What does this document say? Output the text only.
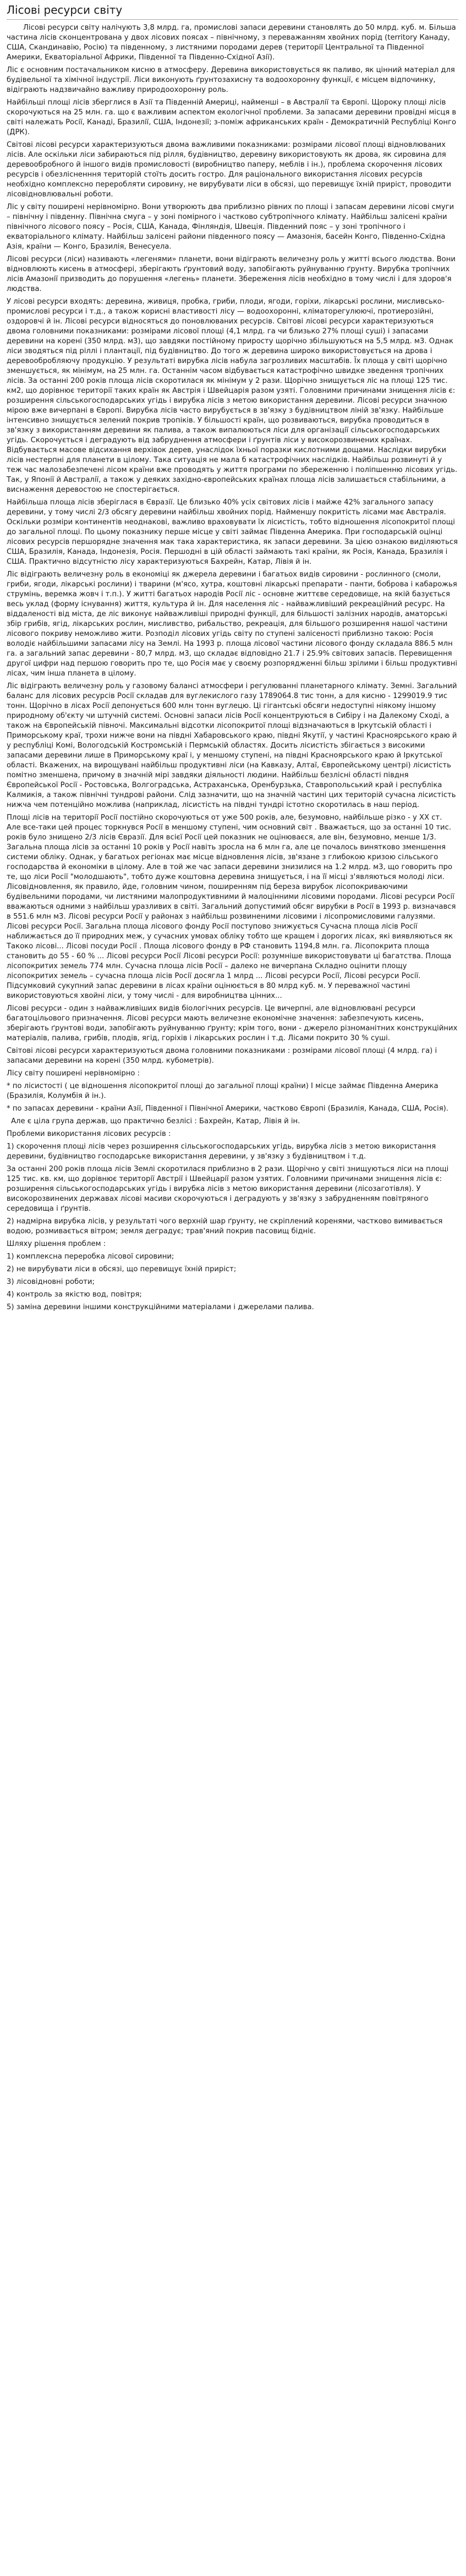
Лісові ресурси світу

Лісові ресурси світу налічують 3,8 млрд. га, промислові запаси деревини становлять до 50 млрд. куб. м. Більша частина лісів сконцентрована у двох лісових поясах – північному, з переважанням хвойних порід (territory Канаду, США, Скандинавію, Росію) та південному, з листяними породами дерев (території Центральної та Південної Америки, Екваторіальної Африки, Південної та Південно-Східної Азії).

Ліс є основним постачальником кисню в атмосферу. Деревина використовується як паливо, як цінний матеріал для будівельної та хімічної індустрії. Ліси виконують ґрунтозахисну та водоохоронну функції, є місцем відпочинку, відіграють надзвичайно важливу природоохоронну роль.

Найбільші площі лісів зберглися в Азії та Південній Америці, найменші – в Австралії та Європі. Щороку площі лісів скорочуються на 25 млн. га. що є важливим аспектом екологічної проблеми. За запасами деревини провідні місця в світі належать Росії, Канаді, Бразилії, США, Індонезії; з-поміж африканських країн - Демократичній Республіці Конго (ДРК).

Світові лісові ресурси характеризуються двома важливими показниками: розмірами лісової площі відновлюваних лісів. Але оскільки ліси забираються під рілля, будівництво, деревину використовують як дрова, як сировина для деревообробного й іншого видів промисловості (виробництво паперу, меблів і ін.), проблема скорочення лісових ресурсів і обезлісненння територій стоїть досить гостро. Для раціонального використання лісових ресурсів необхідно комплексно переробляти сировину, не вирубувати ліси в обсязі, що перевищує їхній приріст, проводити лісовідновлювальні роботи.

Ліс у світу поширені нерівномірно. Вони утворюють два приблизно рівних по площі і запасам деревини лісові смуги – північну і південну. Північна смуга – у зоні помірного і частково субтропічного клімату. Найбільш залісені країни північного лісового поясу – Росія, США, Канада, Фінляндія, Швеція. Південний пояс – у зоні тропічного і екваторіального клімату. Найбільш залісені райони південного поясу — Амазонія, басейн Конго, Південно-Східна Азія, країни — Конго, Бразилія, Венесуела.

Лісові ресурси (ліси) називають «легенями» планети, вони відіграють величезну роль у житті всього людства. Вони відновлюють кисень в атмосфері, зберігають ґрунтовий воду, запобігають руйнуванню ґрунту. Вирубка тропічних лісів Амазонії призводить до порушення «легень» планети. Збереження лісів необхідно в тому числі і для здоров'я людства.

У лісові ресурси входять: деревина, живиця, пробка, гриби, плоди, ягоди, горіхи, лікарські рослини, мисливсько-промислові ресурси і т.д., а також корисні властивості лісу — водоохоронні, кліматорегулюючі, протиерозійні, оздоровчі й ін. Лісові ресурси відносяться до поновлюваних ресурсів. Світові лісові ресурси характеризуються двома головними показниками: розмірами лісової площі (4,1 млрд. га чи близько 27% площі суші) і запасами деревини на корені (350 млрд. м3), що завдяки постійному приросту щорічно збільшуються на 5,5 млрд. м3. Однак ліси зводяться під ріллі і плантації, під будівництво. До того ж деревина широко використовується на дрова і деревообробляючу продукцію. У результаті вирубка лісів набула загрозливих масштабів. Їх площа у світі щорічно зменшується, як мінімум, на 25 млн. га. Останнім часом відбувається катастрофічно швидке зведення тропічних лісів. За останні 200 років площа лісів скоротилася як мінімум у 2 рази. Щорічно знищується ліс на площі 125 тис. км2, що дорівнює території таких країн як Австрія і Швейцарія разом узяті. Головними причинами знищення лісів є: розширення сільськогосподарських угідь і вирубка лісів з метою використання деревини. Лісові ресурси значною мірою вже вичерпані в Європі. Вирубка лісів часто вирубується в зв'язку з будівництвом ліній зв'язку. Найбільше інтенсивно знищується зелений покрив тропіків. У більшості країн, що розвиваються, вирубка проводиться в зв'язку з використанням деревини як палива, а також випалюються ліси для організації сільськогосподарських угідь. Скорочується і деградують від забруднення атмосфери і ґрунтів ліси у високорозвинених країнах. Відбувається масове відсихання верхівок дерев, унаслідок їхньої поразки кислотними дощами. Наслідки вирубки лісів нестерпні для планети в цілому. Така ситуація не мала б катастрофічних наслідків. Найбільш розвинуті й у теж час малозабезпечені лісом країни вже проводять у життя програми по збереженню і поліпшенню лісових угідь. Так, у Японії й Австралії, а також у деяких західно-європейських країнах площа лісів залишається стабільними, а виснаження деревостою не спостерігається.

Найбільша площа лісів зберіглася в Євразії. Це близько 40% усіх світових лісів і майже 42% загального запасу деревини, у тому числі 2/3 обсягу деревини найбільш хвойних порід. Найменшу покритість лісами має Австралія. Оскільки розміри континентів неоднакові, важливо враховувати їх лісистість, тобто відношення лісопокритої площі до загальної площі. По цьому показнику перше місце у світі займає Південна Америка. При господарській оцінці лісових ресурсів першорядне значення мак така характеристика, як запаси деревини. За цією ознакою виділяються США, Бразилія, Канада, Індонезія, Росія. Першодні в цій області займають такі країни, як Росія, Канада, Бразилія і США. Практично відсутністю лісу характеризуються Бахрейн, Катар, Лівія й ін.

Ліс відіграють величезну роль в економіці як джерела деревини і багатьох видів сировини - рослинного (смоли, гриби, ягоди, лікарські рослини) і тварини (м'ясо, хутра, коштовні лікарські препарати - панти, боброва і кабарожья струмінь, веремка жовч і т.п.). У житті багатьох народів Росії ліс - основне життєве середовище, на якій базується весь уклад (форму існування) життя, культура й ін. Для населення ліс - найважливіший рекреаційний ресурс. На віддаленості від міста, де ліс виконує найважливіші природні функції, для більшості залізних народів, аматорські збір грибів, ягід, лікарських рослин, мисливство, рибальство, рекреація, для більшого розширення нашої частини лісового покриву неможливо жити. Розподіл лісових угідь світу по ступені залісеності приблизно такою: Росія володіє найбільшими запасами лісу на Землі. На 1993 р. площа лісової частини лісового фонду складала 886.5 млн га. а загальний запас деревини - 80,7 млрд. м3, що складає відповідно 21.7 і 25.9% світових запасів. Перевищення другої цифри над першою говорить про те, що Росія має у своєму розпорядженні більш зрілими і більш продуктивні лісах, чим інша планета в цілому.

Ліс відіграють величезну роль у газовому балансі атмосфери і регулюванні планетарного клімату. Земні. Загальний баланс для лісових ресурсів Росії складав для вуглекислого газу 1789064.8 тис тонн, а для кисню - 1299019.9 тис тонн. Щорічно в лісах Росії депонується 600 млн тонн вуглецю. Ці гігантські обсяги недоступні ніякому іншому природному об'єкту чи штучній системі. Основні запаси лісів Росії концентруються в Сибіру і на Далекому Сході, а також на Європейській півночі. Максимальні відсотки лісопокритої площі відзначаються в Іркутській області і Приморському краї, трохи нижче вони на півдні Хабаровського краю, півдні Якутії, у частині Красноярського краю й у республіці Комі, Вологодській Костромській і Пермській областях. Досить лісистість збігається з високими запасами деревини лише в Приморському краї і, у меншому ступені, на півдні Красноярського краю й Іркутської області. Вкажених, на вирощувані найбільш продуктивні ліси (на Кавказу, Алтаї, Європейському центрі) лісистість помітно зменшена, причому в значній мірі завдяки діяльності людини. Найбільш безлісні області півдня Європейської Росії - Ростовська, Волгоградська, Астраханська, Оренбурзька, Ставропольський край і республіка Калмикія, а також північні тундрові райони. Слід зазначити, що на значній частині цих територій сучасна лісистість нижча чем потенційно можлива (наприклад, лісистість на півдні тундрі істотно скоротилась в наш період.

Площі лісів на території Росії постійно скорочуються от уже 500 років, але, безумовно, найбільше різко - у XX ст. Але все-таки цей процес торкнувся Росії в меншому ступені, чим основний світ . Вважається, що за останні 10 тис. років було знищено 2/3 лісів Євразії. Для всієї Росії цей показник не оцінюваєся, але він, безумовно, менше 1/3. Загальна площа лісів за останні 10 років у Росії навіть зросла на 6 млн га, але це почалось винятково зменшення системи обліку. Однак, у багатьох регіонах має місце відновлення лісів, зв'язане з глибокою кризою сільського господарства й економіки в цілому. Але в той же час запаси деревини знизилися на 1.2 млрд. м3, що говорить про те, що ліси Росії "молодшають", тобто дуже коштовна деревина знищується, і на її місці з'являються молоді ліси. Лісовідновлення, як правило, йде, головним чином, поширенням під береза вирубок лісопокриваючими будівельними породами, чи листяними малопродуктивними й малоцінними лісовими породами. Лісові ресурси Росії вважаються одними з найбільш уразливих в світі. Загальний допустимий обсяг вирубки в Росії в 1993 р. визначався в 551.6 млн м3. Лісові ресурси Росії у районах з найбільш розвиненими лісовими і лісопромисловими галузями. Лісові ресурси Росії. Загальна площа лісового фонду Росії поступово знижується Сучасна площа лісів Росії наближається до її природних меж, у сучасних умовах обліку тобто ще кращем і дорогих лісах, які виявляються як Такоко лісові... Лісові посуди Росії . Площа лісового фонду в РФ становить 1194,8 млн. га. Лісопокрита площа становить до 55 - 60 % ... Лісові ресурси Росії Лісові ресурси Росії: розумніше використовувати ці багатства. Площа лісопокритих земель 774 млн. Сучасна площа лісів Росії – далеко не вичерпана Складно оцінити площу лісопокритих земель – сучасна площа лісів Росії досягла 1 млрд ... Лісові ресурси Росії, Лісові ресурси Росії. Підсумковий сукупний запас деревини в лісах країни оцінюється в 80 млрд куб. м. У переважної частині використовуються хвойні ліси, у тому числі - для виробництва цінних...

Лісові ресурси - один з найважливіших видів біологічних ресурсів. Це вичерпні, але відновлювані ресурси багатоцільового призначення. Лісові ресурси мають величезне економічне значення: забезпечують кисень, зберігають ґрунтові води, запобігають руйнуванню ґрунту; крім того, вони - джерело різноманітних конструкційних матеріалів, палива, грибів, плодів, ягід, горіхів і лікарських рослин і т.д. Лісами покрито 30 % суші.

Світові лісові ресурси характеризуються двома головними показниками : розмірами лісової площі (4 млрд. га) і запасами деревини на корені (350 млрд. кубометрів).

Лісу світу поширені нерівномірно :

* по лісистості ( це відношення лісопокритої площі до загальної площі країни) I місце займає Південна Америка (Бразилія, Колумбія й ін.).

* по запасах деревини - країни Азії, Південної і Північної Америки, частково Європі (Бразилія, Канада, США, Росія).

Але є ціла група держав, що практично безлісі : Бахрейн, Катар, Лівія й ін.

Проблеми використання лісових ресурсів :

1) скорочення площі лісів через розширення сільськогосподарських угідь, вирубка лісів з метою використання деревини, будівництво господарське використання деревини, у зв'язку з будівництвом і т.д.

За останні 200 років площа лісів Землі скоротилася приблизно в 2 рази. Щорічно у світі знищуються ліси на площі 125 тис. кв. км, що дорівнює території Австрії і Швейцарії разом узятих. Головними причинами знищення лісів є: розширення сільськогосподарських угідь і вирубка лісів з метою використання деревини (лісозаготівля). У високорозвинених державах лісові масиви скорочуються і деградують у зв'язку з забрудненням повітряного середовища і ґрунтів.

2) надмірна вирубка лісів, у результаті чого верхній шар ґрунту, не скріплений коренями, частково вимивається водою, розмивається вітром; земля деградує; трав'яний покрив пасовищ бідніє.

Шляху рішення проблем :

1) комплексна переробка лісової сировини;

2) не вирубувати ліси в обсязі, що перевищує їхній приріст;

3) лісовідновні роботи;

4) контроль за якістю вод, повітря;

5) заміна деревини іншими конструкційними матеріалами і джерелами палива.
